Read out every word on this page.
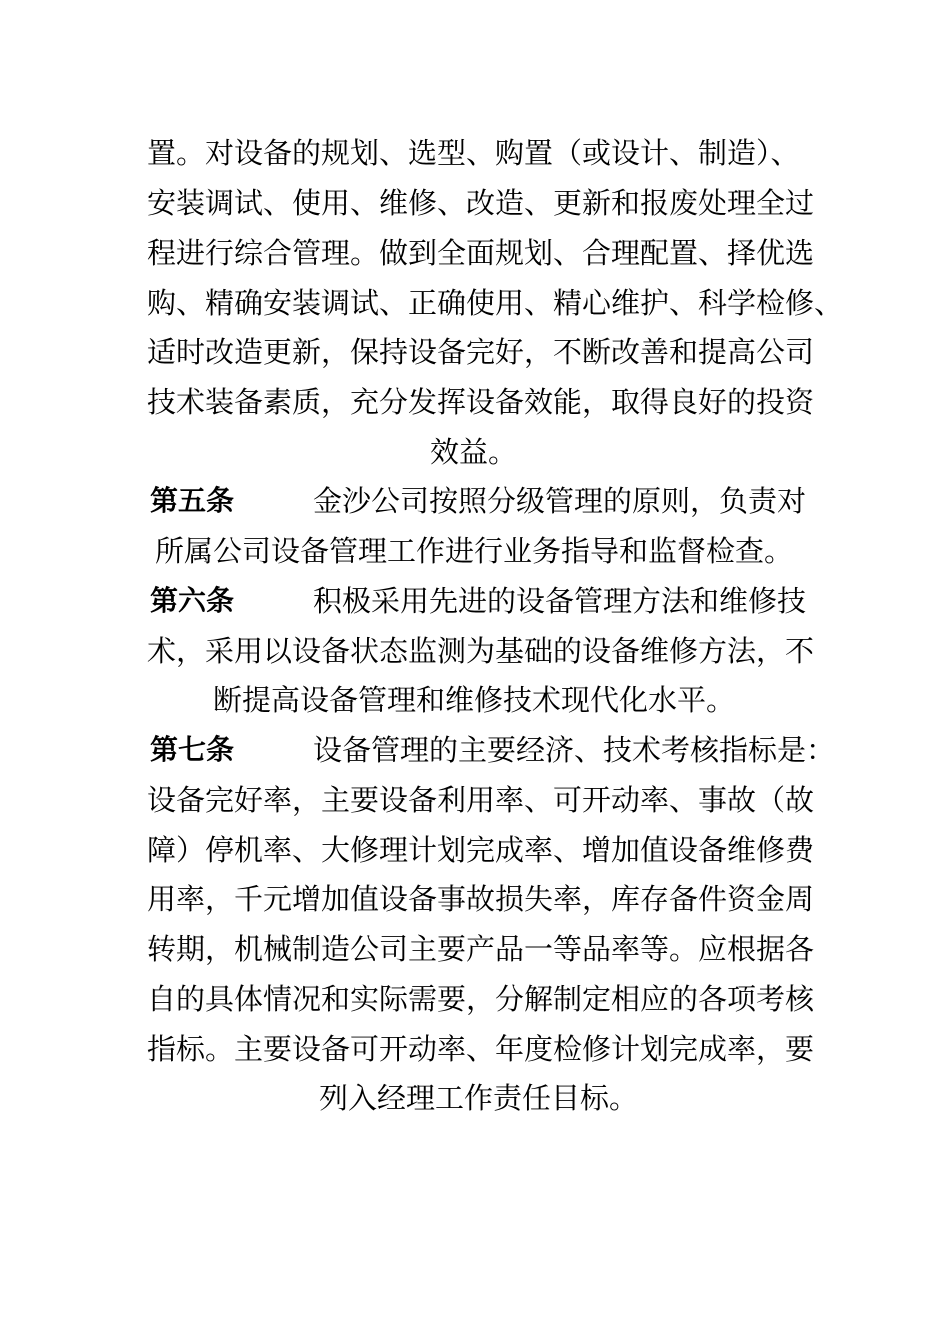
置。对设备的规划、选型、购置（或设计、制造）、
安装调试、使用、维修、改造、更新和报废处理全过
程进行综合管理。做到全面规划、合理配置、择优选
购、精确安装调试、正确使用、精心维护、科学检修、
适时改造更新，保持设备完好，不断改善和提高公司
技术装备素质，充分发挥设备效能，取得良好的投资
效益。
第五条	金沙公司按照分级管理的原则，负责对
所属公司设备管理工作进行业务指导和监督检查。
第六条	积极采用先进的设备管理方法和维修技
术，采用以设备状态监测为基础的设备维修方法，不
断提高设备管理和维修技术现代化水平。
第七条	设备管理的主要经济、技术考核指标是：
设备完好率，主要设备利用率、可开动率、事故（故
障）停机率、大修理计划完成率、增加值设备维修费
用率，千元增加值设备事故损失率，库存备件资金周
转期，机械制造公司主要产品一等品率等。应根据各
自的具体情况和实际需要，分解制定相应的各项考核
指标。主要设备可开动率、年度检修计划完成率，要
列入经理工作责任目标。
